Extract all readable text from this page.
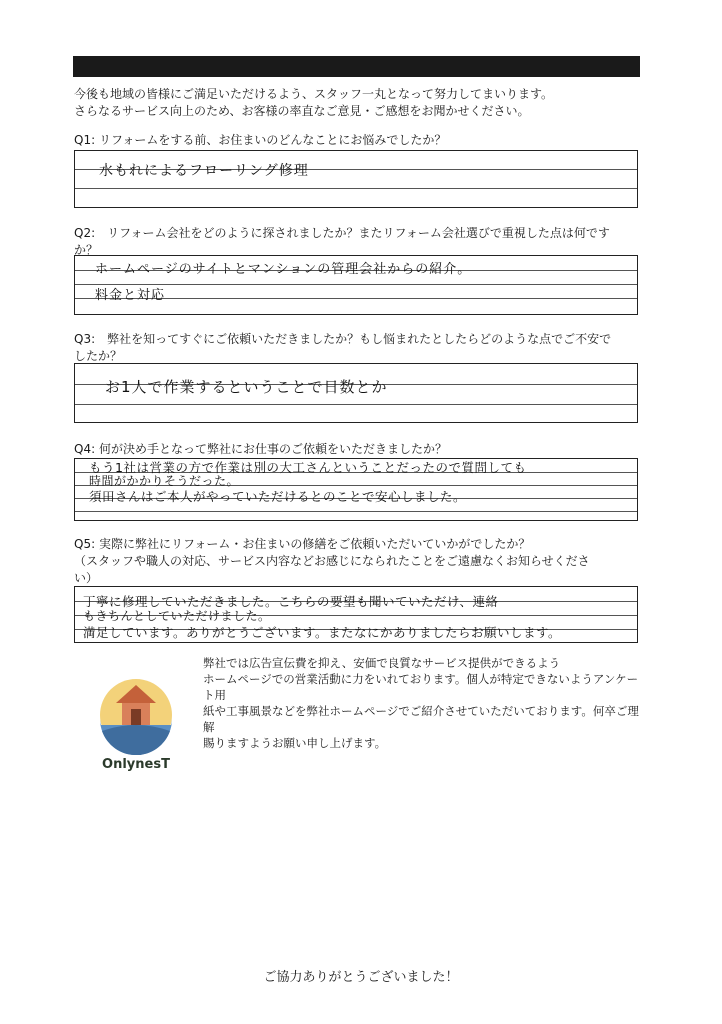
今後も地域の皆様にご満足いただけるよう、スタッフ一丸となって努力してまいります。
さらなるサービス向上のため、お客様の率直なご意見・ご感想をお聞かせください。
Q1: リフォームをする前、お住まいのどんなことにお悩みでしたか？
水もれによるフローリング修理
Q2:　リフォーム会社をどのように探されましたか？またリフォーム会社選びで重視した点は何です
か？
ホームページのサイトとマンションの管理会社からの紹介。
料金と対応
Q3:　弊社を知ってすぐにご依頼いただきましたか？もし悩まれたとしたらどのような点でご不安で
したか？
お1人で作業するということで日数とか
Q4: 何が決め手となって弊社にお仕事のご依頼をいただきましたか？
もう1社は営業の方で作業は別の大工さんということだったので質問しても
時間がかかりそうだった。
須田さんはご本人がやっていただけるとのことで安心しました。
Q5: 実際に弊社にリフォーム・お住まいの修繕をご依頼いただいていかがでしたか？
（スタッフや職人の対応、サービス内容などお感じになられたことをご遠慮なくお知らせくださ
い）
丁寧に修理していただきました。こちらの要望も聞いていただけ、連絡
もきちんとしていただけました。
満足しています。ありがとうございます。またなにかありましたらお願いします。
弊社では広告宣伝費を抑え、安価で良質なサービス提供ができるよう
ホームページでの営業活動に力をいれております。個人が特定できないようアンケート用
紙や工事風景などを弊社ホームページでご紹介させていただいております。何卒ご理解
賜りますようお願い申し上げます。
OnlynesT
ご協力ありがとうございました！
